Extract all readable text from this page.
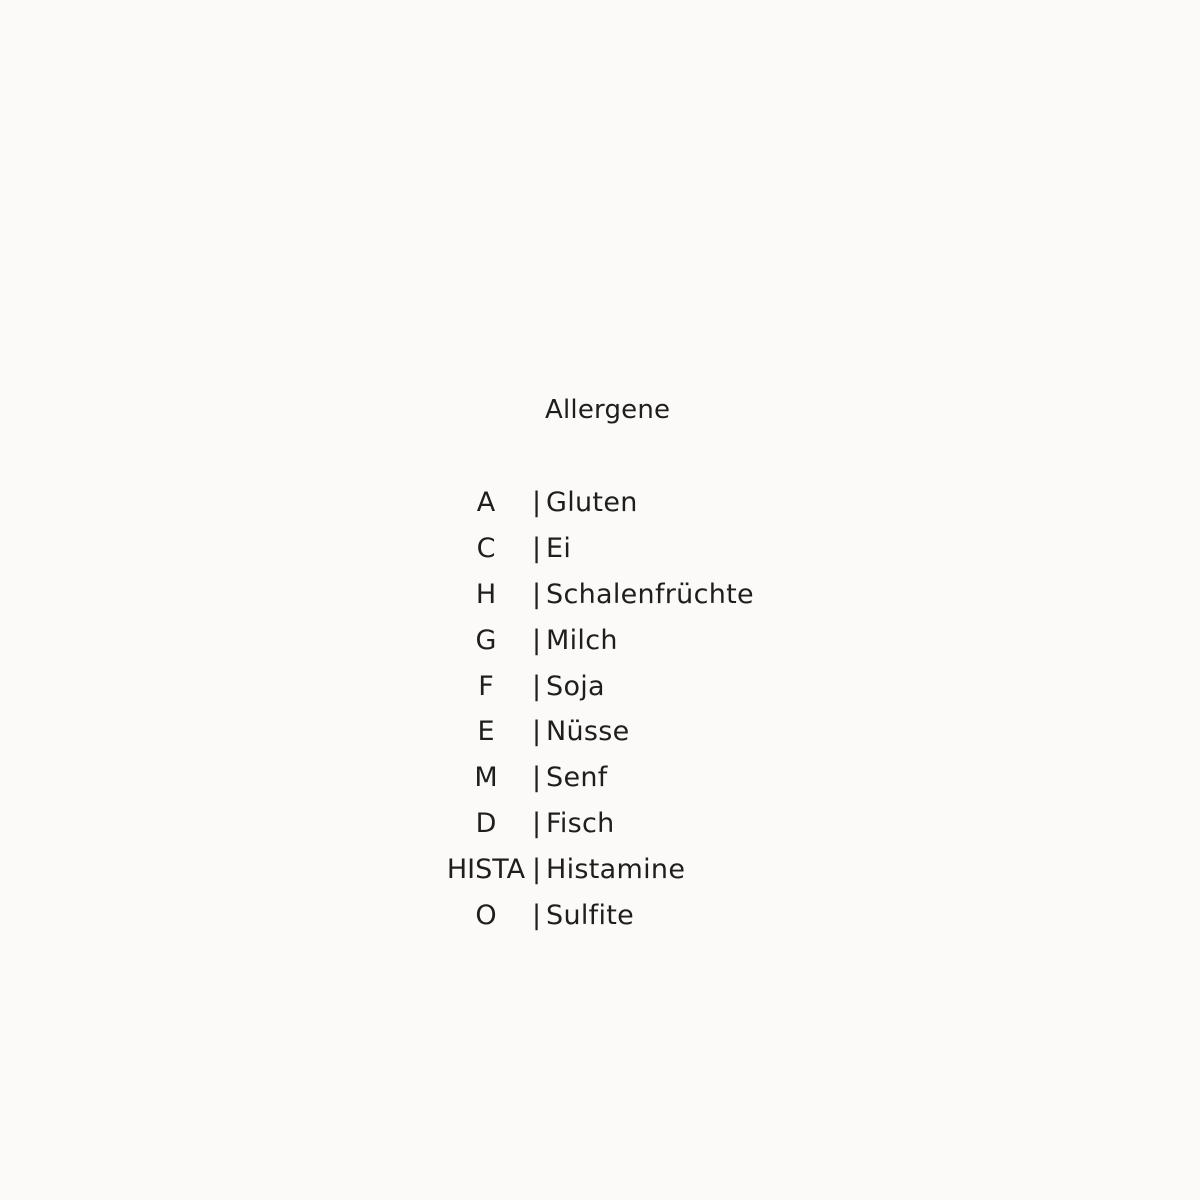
Allergene
A	| Gluten
C	| Ei
H	| Schalenfrüchte
G	| Milch
F	| Soja
E	| Nüsse
M	| Senf
D	| Fisch
HISTA | Histamine
O	| Sulfite
